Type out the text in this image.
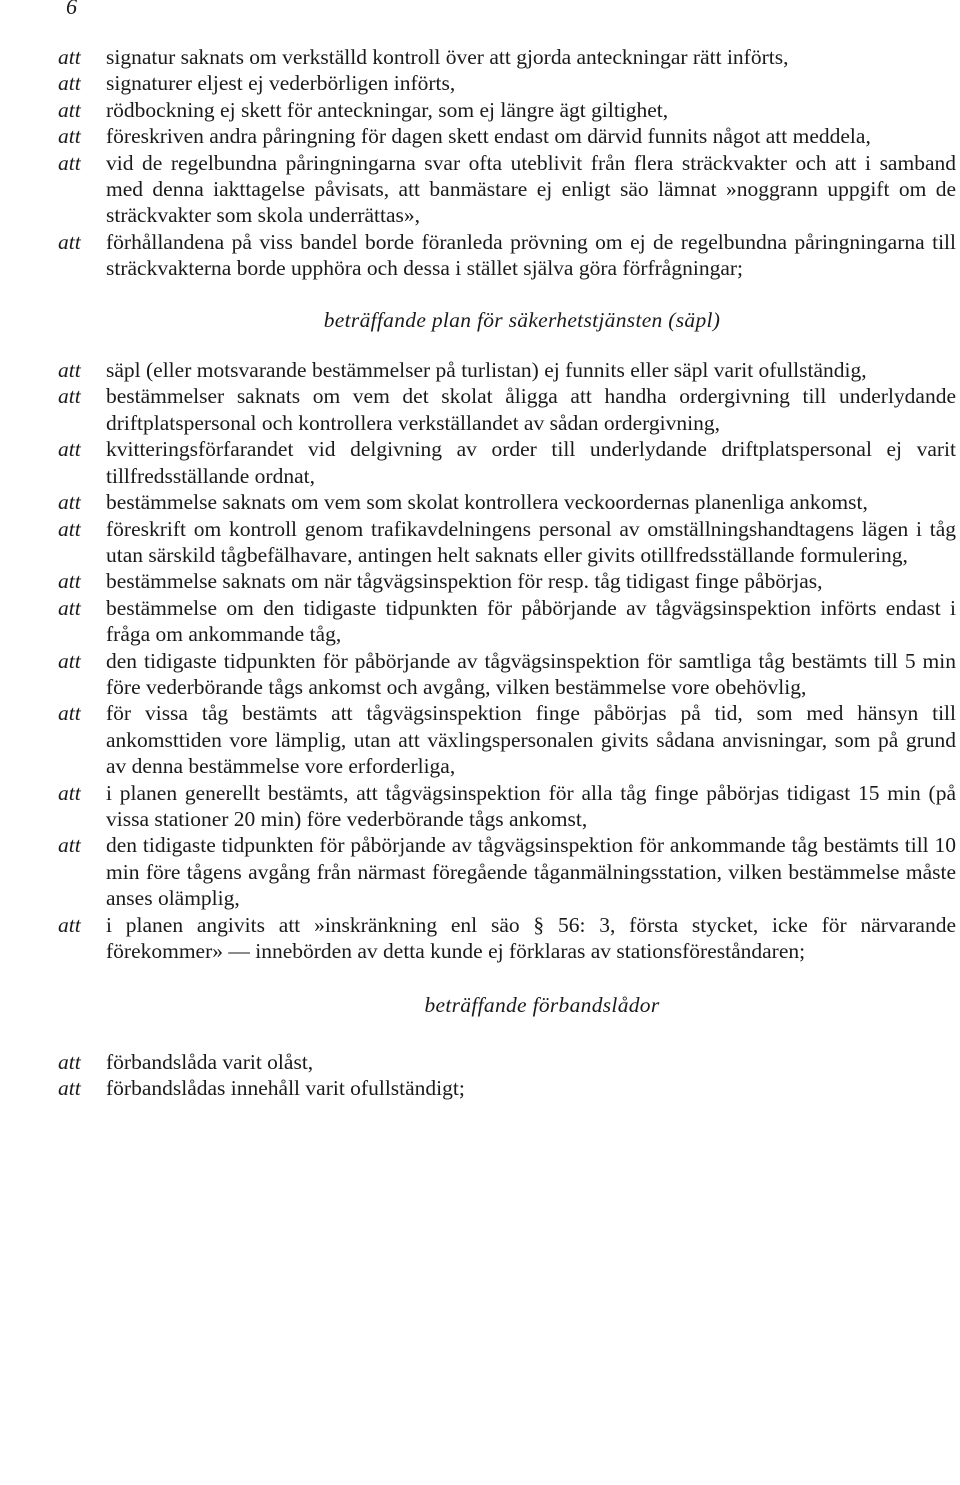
6
att signatur saknats om verkställd kontroll över att gjorda anteckningar rätt införts,
att signaturer eljest ej vederbörligen införts,
att rödbockning ej skett för anteckningar, som ej längre ägt giltighet,
att föreskriven andra påringning för dagen skett endast om därvid funnits något att meddela,
att vid de regelbundna påringningarna svar ofta uteblivit från flera sträckvakter och att i samband med denna iakttagelse påvisats, att banmästare ej enligt säo lämnat »noggrann uppgift om de sträckvakter som skola underrättas»,
att förhållandena på viss bandel borde föranleda prövning om ej de regelbundna påringningarna till sträckvakterna borde upphöra och dessa i stället själva göra förfrågningar;
beträffande plan för säkerhetstjänsten (säpl)
att säpl (eller motsvarande bestämmelser på turlistan) ej funnits eller säpl varit ofullständig,
att bestämmelser saknats om vem det skolat åligga att handha ordergivning till underlydande driftplatspersonal och kontrollera verkställandet av sådan ordergivning,
att kvitteringsförfarandet vid delgivning av order till underlydande driftplatspersonal ej varit tillfredsställande ordnat,
att bestämmelse saknats om vem som skolat kontrollera veckoordernas planenliga ankomst,
att föreskrift om kontroll genom trafikavdelningens personal av omställningshandtagens lägen i tåg utan särskild tågbefälhavare, antingen helt saknats eller givits otillfredsställande formulering,
att bestämmelse saknats om när tågvägsinspektion för resp. tåg tidigast finge påbörjas,
att bestämmelse om den tidigaste tidpunkten för påbörjande av tågvägsinspektion införts endast i fråga om ankommande tåg,
att den tidigaste tidpunkten för påbörjande av tågvägsinspektion för samtliga tåg bestämts till 5 min före vederbörande tågs ankomst och avgång, vilken bestämmelse vore obehövlig,
att för vissa tåg bestämts att tågvägsinspektion finge påbörjas på tid, som med hänsyn till ankomsttiden vore lämplig, utan att växlingspersonalen givits sådana anvisningar, som på grund av denna bestämmelse vore erforderliga,
att i planen generellt bestämts, att tågvägsinspektion för alla tåg finge påbörjas tidigast 15 min (på vissa stationer 20 min) före vederbörande tågs ankomst,
att den tidigaste tidpunkten för påbörjande av tågvägsinspektion för ankommande tåg bestämts till 10 min före tågens avgång från närmast föregående tåganmälningsstation, vilken bestämmelse måste anses olämplig,
att i planen angivits att »inskränkning enl säo § 56: 3, första stycket, icke för närvarande förekommer» — innebörden av detta kunde ej förklaras av stationsföreståndaren;
beträffande förbandslådor
att förbandslåda varit olåst,
att förbandslådas innehåll varit ofullständigt;
